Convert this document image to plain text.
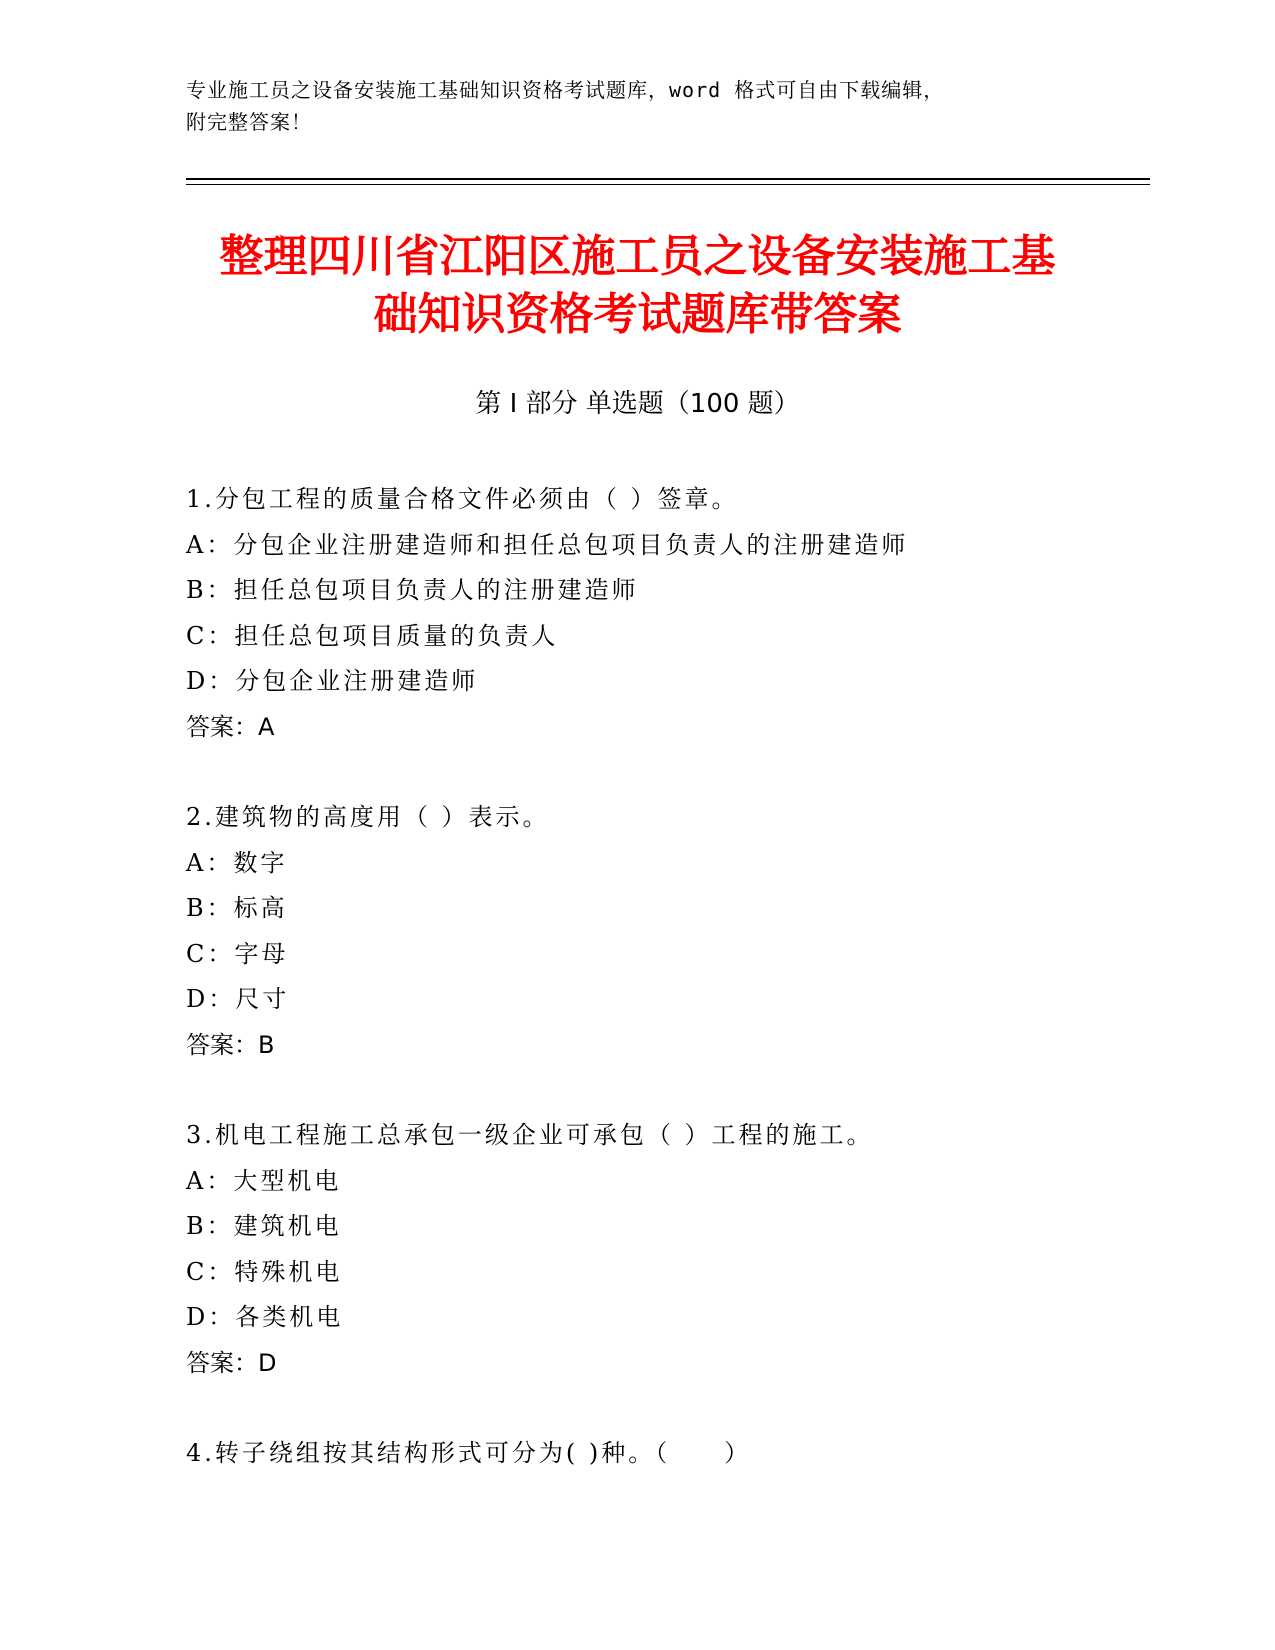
专业施工员之设备安装施工基础知识资格考试题库，word 格式可自由下载编辑，
附完整答案！
整理四川省江阳区施工员之设备安装施工基
础知识资格考试题库带答案
第 I 部分 单选题（100 题）
1.分包工程的质量合格文件必须由（ ）签章。
A：分包企业注册建造师和担任总包项目负责人的注册建造师
B：担任总包项目负责人的注册建造师
C：担任总包项目质量的负责人
D：分包企业注册建造师
答案：A
2.建筑物的高度用（ ）表示。
A：数字
B：标高
C：字母
D：尺寸
答案：B
3.机电工程施工总承包一级企业可承包（ ）工程的施工。
A：大型机电
B：建筑机电
C：特殊机电
D：各类机电
答案：D
4.转子绕组按其结构形式可分为( )种。（　　）
